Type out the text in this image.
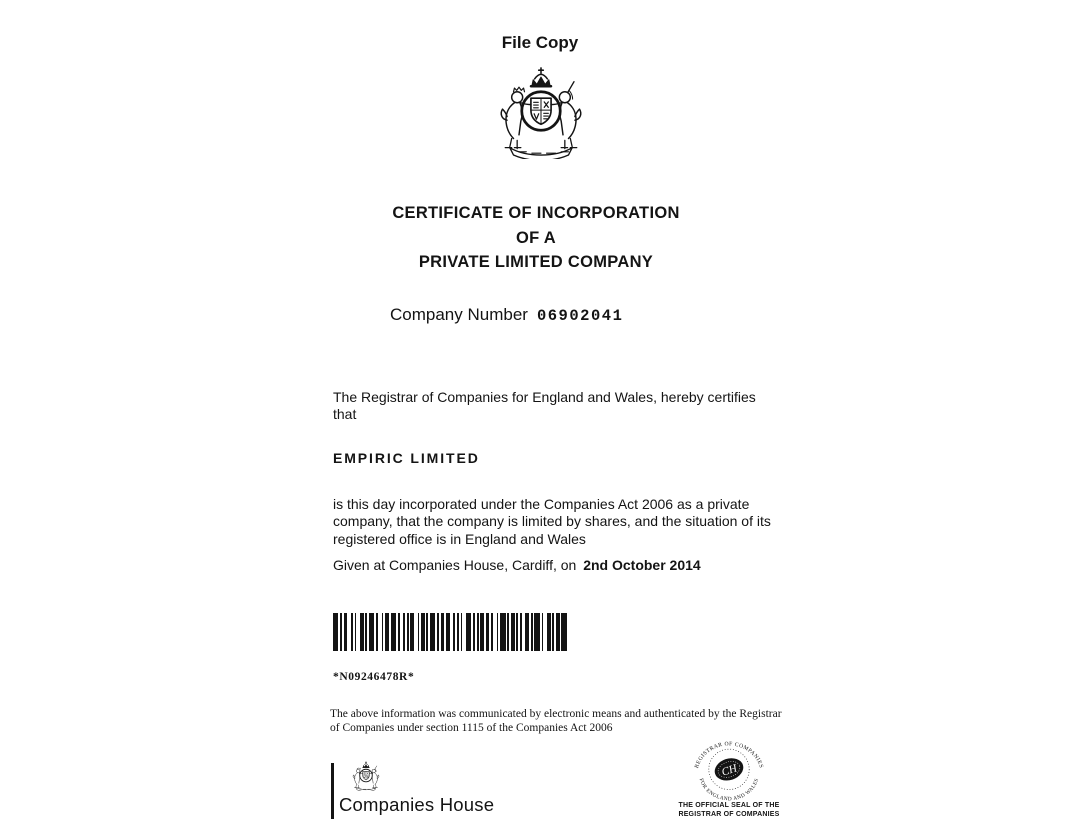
File Copy
CERTIFICATE OF INCORPORATION
OF A
PRIVATE LIMITED COMPANY
Company Number 06902041

The Registrar of Companies for England and Wales, hereby certifies that

EMPIRIC LIMITED

is this day incorporated under the Companies Act 2006 as a private company, that the company is limited by shares, and the situation of its registered office is in England and Wales

Given at Companies House, Cardiff, on 2nd October 2014

*N09246478R*

The above information was communicated by electronic means and authenticated by the Registrar of Companies under section 1115 of the Companies Act 2006

Companies House
CH
REGISTRAR OF COMPANIES
FOR ENGLAND AND WALES
THE OFFICIAL SEAL OF THE
REGISTRAR OF COMPANIES
